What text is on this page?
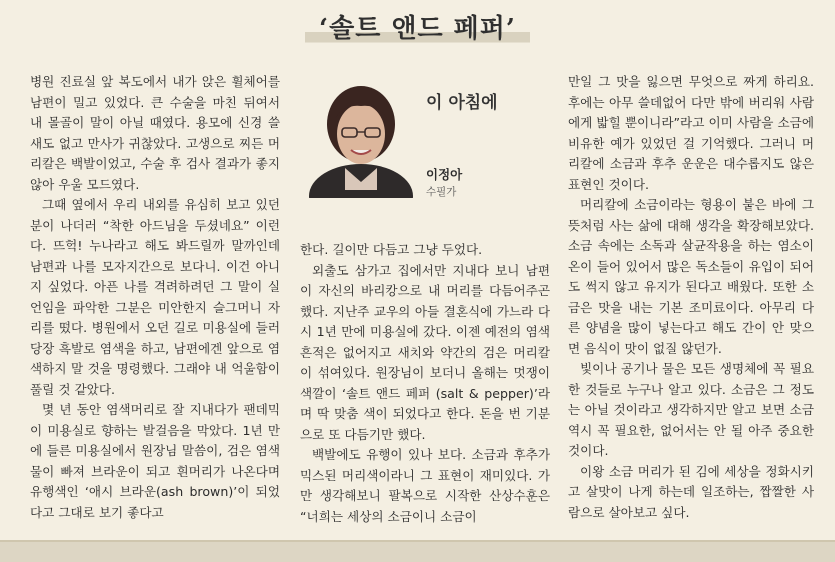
‘솔트 앤드 페퍼’

병원 진료실 앞 복도에서 내가 앉은 휠체어를 남편이 밀고 있었다. 큰 수술을 마친 뒤여서 내 몰골이 말이 아닐 때였다. 용모에 신경 쓸 새도 없고 만사가 귀찮았다. 고생으로 찌든 머리칼은 백발이었고, 수술 후 검사 결과가 좋지 않아 우울 모드였다.

그때 옆에서 우리 내외를 유심히 보고 있던 분이 나더러 “착한 아드님을 두셨네요” 이런다. 뜨헉! 누나라고 해도 봐드릴까 말까인데 남편과 나를 모자지간으로 보다니. 이건 아니지 싶었다. 아픈 나를 격려하려던 그 말이 실언임을 파악한 그분은 미안한지 슬그머니 자리를 떴다. 병원에서 오던 길로 미용실에 들러 당장 흑발로 염색을 하고, 남편에겐 앞으로 염색하지 말 것을 명령했다. 그래야 내 억울함이 풀릴 것 같았다.

몇 년 동안 염색머리로 잘 지내다가 팬데믹이 미용실로 향하는 발걸음을 막았다. 1년 만에 들른 미용실에서 원장님 말씀이, 검은 염색 물이 빠져 브라운이 되고 흰머리가 나온다며 유행색인 ‘애시 브라운(ash brown)’이 되었다고 그대로 보기 좋다고

이 아침에
이정아
수필가

한다. 길이만 다듬고 그냥 두었다.

외출도 삼가고 집에서만 지내다 보니 남편이 자신의 바리캉으로 내 머리를 다듬어주곤 했다. 지난주 교우의 아들 결혼식에 가느라 다시 1년 만에 미용실에 갔다. 이젠 예전의 염색 흔적은 없어지고 새치와 약간의 검은 머리칼이 섞여있다. 원장님이 보더니 올해는 멋쟁이 색깔이 ‘솔트 앤드 페퍼 (salt & pepper)’라며 딱 맞춤 색이 되었다고 한다. 돈을 번 기분으로 또 다듬기만 했다.

백발에도 유행이 있나 보다. 소금과 후추가 믹스된 머리색이라니 그 표현이 재미있다. 가만 생각해보니 팔복으로 시작한 산상수훈은 “너희는 세상의 소금이니 소금이

만일 그 맛을 잃으면 무엇으로 짜게 하리요. 후에는 아무 쓸데없어 다만 밖에 버리워 사람에게 밟힐 뿐이니라”라고 이미 사람을 소금에 비유한 예가 있었던 걸 기억했다. 그러니 머리칼에 소금과 후추 운운은 대수롭지도 않은 표현인 것이다.

머리칼에 소금이라는 형용이 붙은 바에 그 뜻처럼 사는 삶에 대해 생각을 확장해보았다. 소금 속에는 소독과 살균작용을 하는 염소이온이 들어 있어서 많은 독소들이 유입이 되어도 썩지 않고 유지가 된다고 배웠다. 또한 소금은 맛을 내는 기본 조미료이다. 아무리 다른 양념을 많이 넣는다고 해도 간이 안 맞으면 음식이 맛이 없질 않던가.

빛이나 공기나 물은 모든 생명체에 꼭 필요한 것들로 누구나 알고 있다. 소금은 그 정도는 아닐 것이라고 생각하지만 알고 보면 소금 역시 꼭 필요한, 없어서는 안 될 아주 중요한 것이다.

이왕 소금 머리가 된 김에 세상을 정화시키고 살맛이 나게 하는데 일조하는, 짭짤한 사람으로 살아보고 싶다.
